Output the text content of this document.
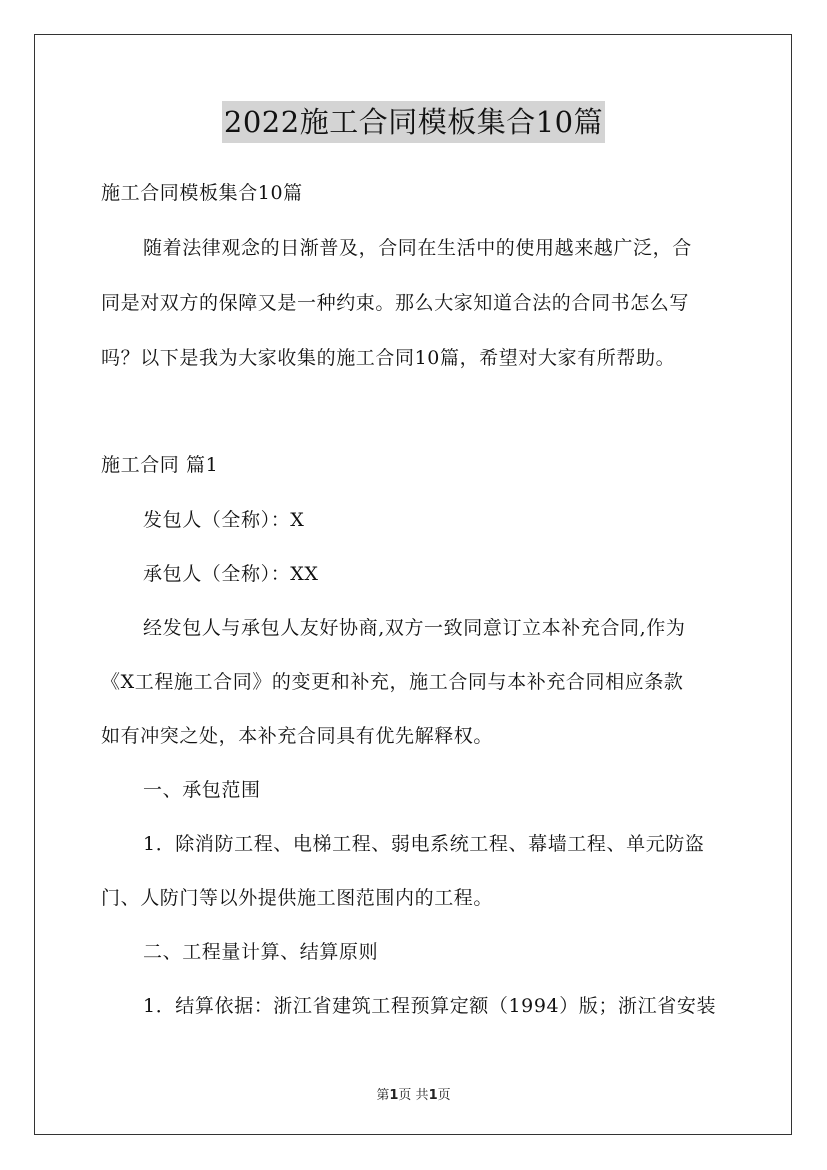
2022施工合同模板集合10篇
施工合同模板集合10篇
随着法律观念的日渐普及，合同在生活中的使用越来越广泛，合
同是对双方的保障又是一种约束。那么大家知道合法的合同书怎么写
吗？以下是我为大家收集的施工合同10篇，希望对大家有所帮助。
施工合同 篇1
发包人（全称）：X
承包人（全称）：XX
经发包人与承包人友好协商,双方一致同意订立本补充合同,作为
《X工程施工合同》的变更和补充，施工合同与本补充合同相应条款
如有冲突之处，本补充合同具有优先解释权。
一、承包范围
1．除消防工程、电梯工程、弱电系统工程、幕墙工程、单元防盗
门、人防门等以外提供施工图范围内的工程。
二、工程量计算、结算原则
1．结算依据：浙江省建筑工程预算定额（1994）版；浙江省安装
第1页 共1页
